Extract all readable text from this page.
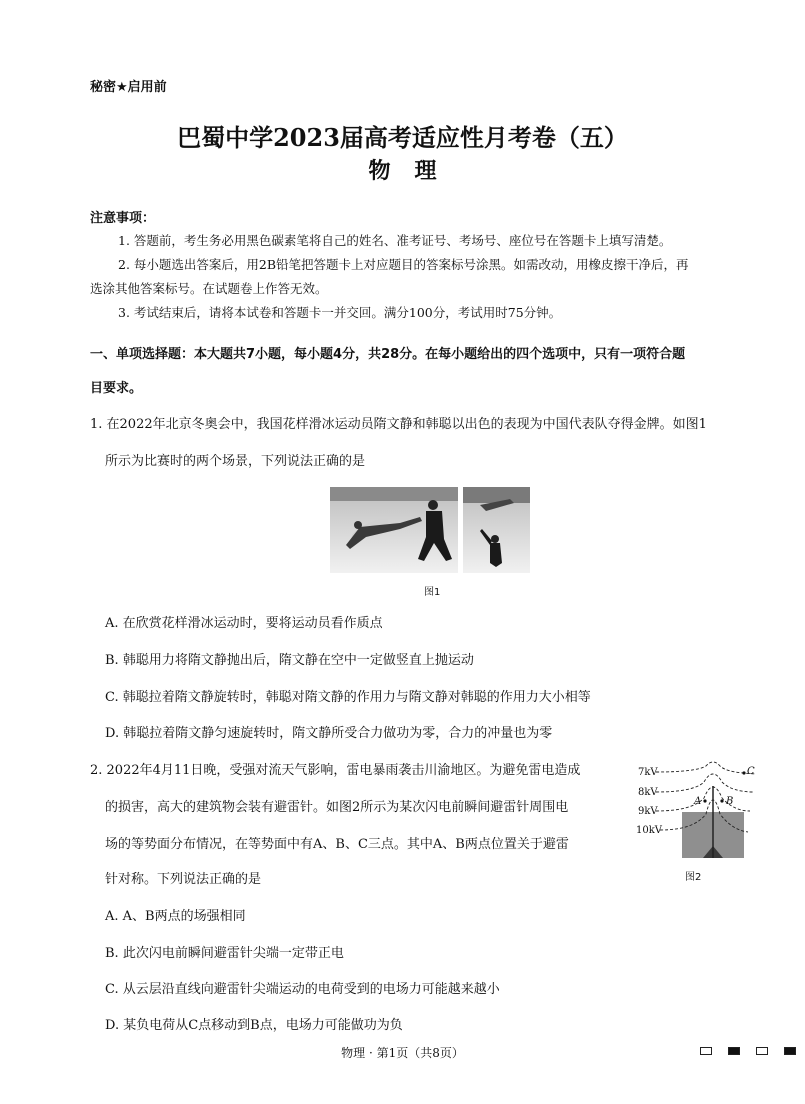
秘密★启用前
巴蜀中学2023届高考适应性月考卷（五）
物理
注意事项：
1. 答题前，考生务必用黑色碳素笔将自己的姓名、准考证号、考场号、座位号在答题卡上填写清楚。
2. 每小题选出答案后，用2B铅笔把答题卡上对应题目的答案标号涂黑。如需改动，用橡皮擦干净后，再
选涂其他答案标号。在试题卷上作答无效。
3. 考试结束后，请将本试卷和答题卡一并交回。满分100分，考试用时75分钟。
一、单项选择题：本大题共7小题，每小题4分，共28分。在每小题给出的四个选项中，只有一项符合题
目要求。
1. 在2022年北京冬奥会中，我国花样滑冰运动员隋文静和韩聪以出色的表现为中国代表队夺得金牌。如图1
所示为比赛时的两个场景，下列说法正确的是
图1
A. 在欣赏花样滑冰运动时，要将运动员看作质点
B. 韩聪用力将隋文静抛出后，隋文静在空中一定做竖直上抛运动
C. 韩聪拉着隋文静旋转时，韩聪对隋文静的作用力与隋文静对韩聪的作用力大小相等
D. 韩聪拉着隋文静匀速旋转时，隋文静所受合力做功为零，合力的冲量也为零
2. 2022年4月11日晚，受强对流天气影响，雷电暴雨袭击川渝地区。为避免雷电造成
的损害，高大的建筑物会装有避雷针。如图2所示为某次闪电前瞬间避雷针周围电
场的等势面分布情况，在等势面中有A、B、C三点。其中A、B两点位置关于避雷
针对称。下列说法正确的是
7kV
8kV
9kV
10kV
A B
C
图2
A. A、B两点的场强相同
B. 此次闪电前瞬间避雷针尖端一定带正电
C. 从云层沿直线向避雷针尖端运动的电荷受到的电场力可能越来越小
D. 某负电荷从C点移动到B点，电场力可能做功为负
物理 · 第1页（共8页）
